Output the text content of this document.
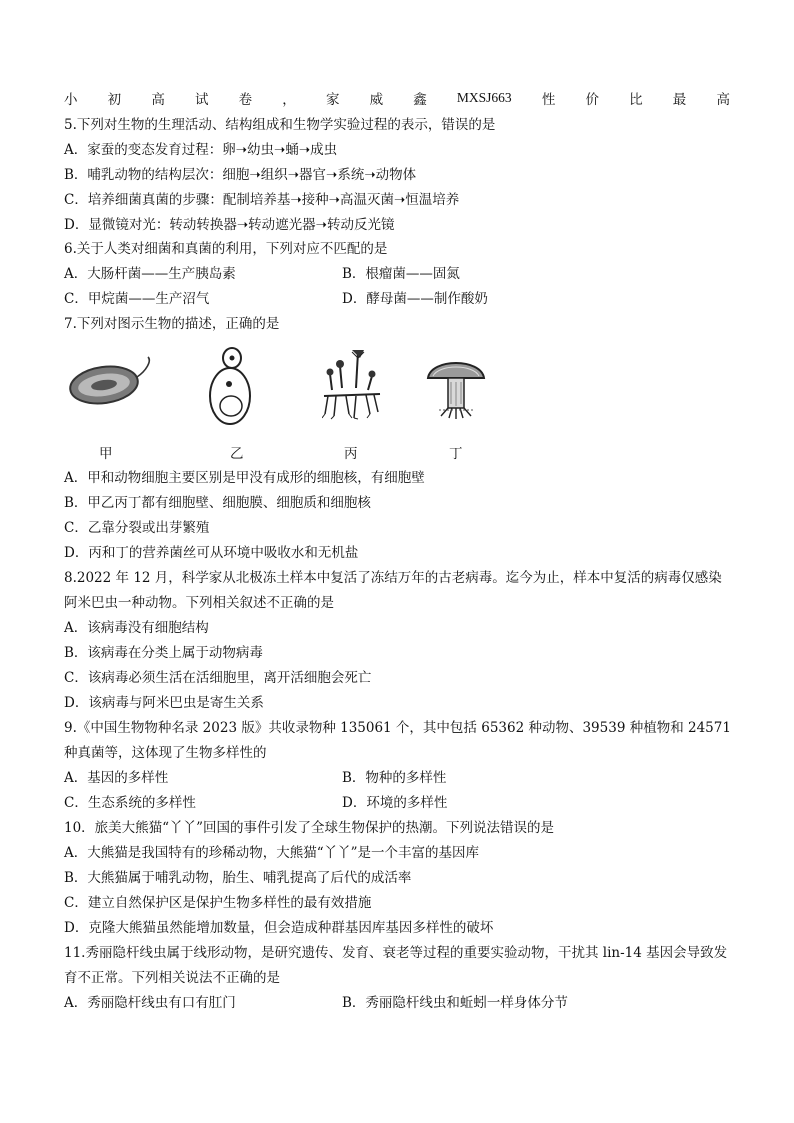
小 初 高 试 卷 ， 家 威 鑫 MXSJ663 性 价 比 最 高
5.下列对生物的生理活动、结构组成和生物学实验过程的表示，错误的是
A．家蚕的变态发育过程：卵➝幼虫➝蛹➝成虫
B．哺乳动物的结构层次：细胞➝组织➝器官➝系统➝动物体
C．培养细菌真菌的步骤：配制培养基➝接种➝高温灭菌➝恒温培养
D．显微镜对光：转动转换器➝转动遮光器➝转动反光镜
6.关于人类对细菌和真菌的利用，下列对应不匹配的是
A．大肠杆菌——生产胰岛素	B．根瘤菌——固氮
C．甲烷菌——生产沼气	D．酵母菌——制作酸奶
7.下列对图示生物的描述，正确的是
甲	乙	丙	丁
A．甲和动物细胞主要区别是甲没有成形的细胞核，有细胞壁
B．甲乙丙丁都有细胞壁、细胞膜、细胞质和细胞核
C．乙靠分裂或出芽繁殖
D．丙和丁的营养菌丝可从环境中吸收水和无机盐
8.2022 年 12 月，科学家从北极冻土样本中复活了冻结万年的古老病毒。迄今为止，样本中复活的病毒仅感染阿米巴虫一种动物。下列相关叙述不正确的是
A．该病毒没有细胞结构
B．该病毒在分类上属于动物病毒
C．该病毒必须生活在活细胞里，离开活细胞会死亡
D．该病毒与阿米巴虫是寄生关系
9.《中国生物物种名录 2023 版》共收录物种 135061 个，其中包括 65362 种动物、39539 种植物和 24571 种真菌等，这体现了生物多样性的
A．基因的多样性	B．物种的多样性
C．生态系统的多样性	D．环境的多样性
10．旅美大熊猫“丫丫”回国的事件引发了全球生物保护的热潮。下列说法错误的是
A．大熊猫是我国特有的珍稀动物，大熊猫“丫丫”是一个丰富的基因库
B．大熊猫属于哺乳动物，胎生、哺乳提高了后代的成活率
C．建立自然保护区是保护生物多样性的最有效措施
D．克隆大熊猫虽然能增加数量，但会造成种群基因库基因多样性的破坏
11.秀丽隐杆线虫属于线形动物，是研究遗传、发育、衰老等过程的重要实验动物，干扰其 lin-14 基因会导致发育不正常。下列相关说法不正确的是
A．秀丽隐杆线虫有口有肛门	B．秀丽隐杆线虫和蚯蚓一样身体分节
